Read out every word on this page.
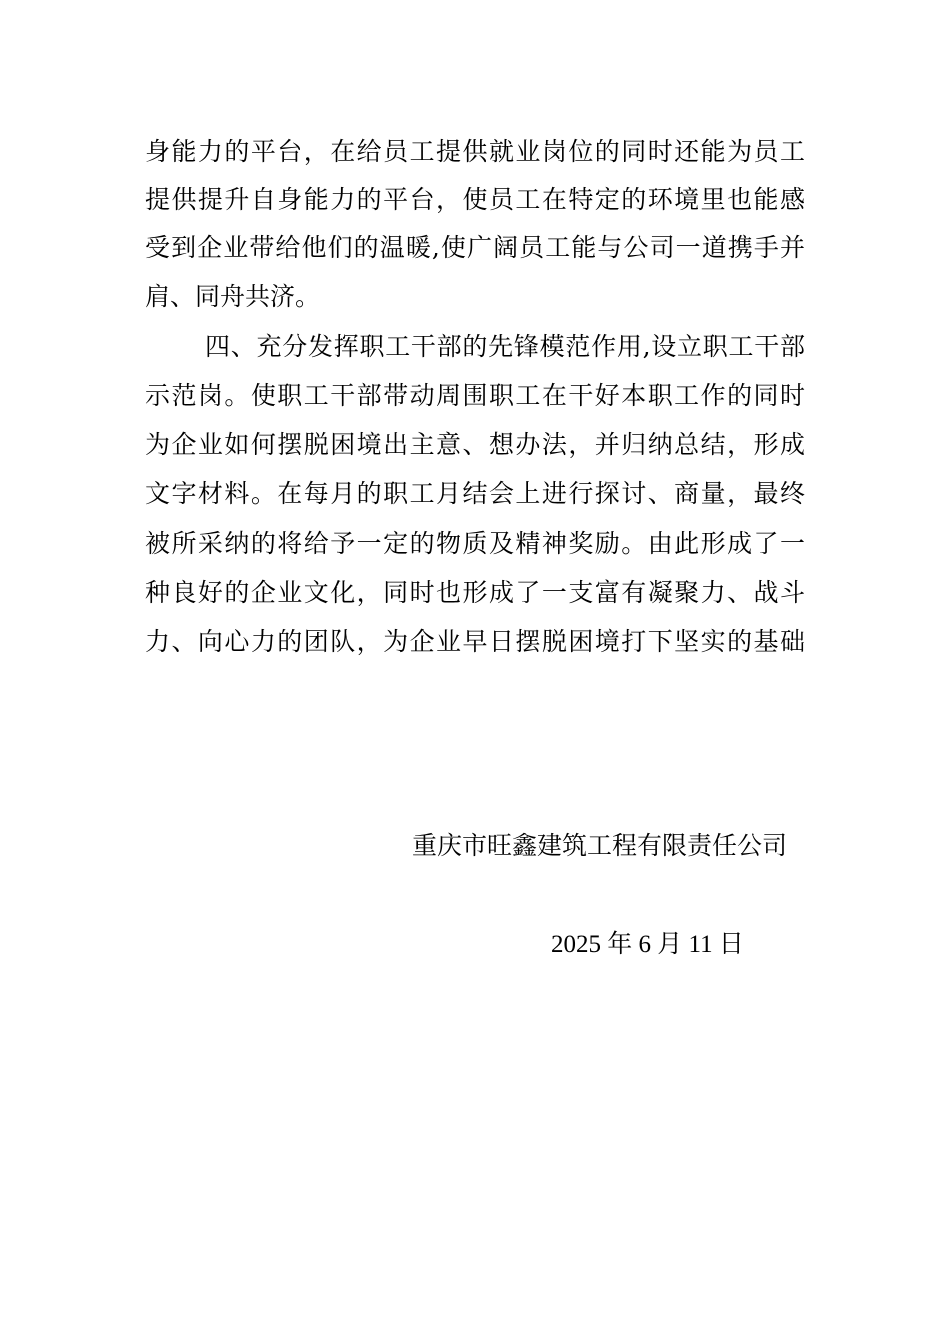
身能力的平台，在给员工提供就业岗位的同时还能为员工
提供提升自身能力的平台，使员工在特定的环境里也能感
受到企业带给他们的温暖,使广阔员工能与公司一道携手并
肩、同舟共济。
四、充分发挥职工干部的先锋模范作用,设立职工干部
示范岗。使职工干部带动周围职工在干好本职工作的同时
为企业如何摆脱困境出主意、想办法，并归纳总结，形成
文字材料。在每月的职工月结会上进行探讨、商量，最终
被所采纳的将给予一定的物质及精神奖励。由此形成了一
种良好的企业文化，同时也形成了一支富有凝聚力、战斗
力、向心力的团队，为企业早日摆脱困境打下坚实的基础
重庆市旺鑫建筑工程有限责任公司
2025 年 6 月 11 日
